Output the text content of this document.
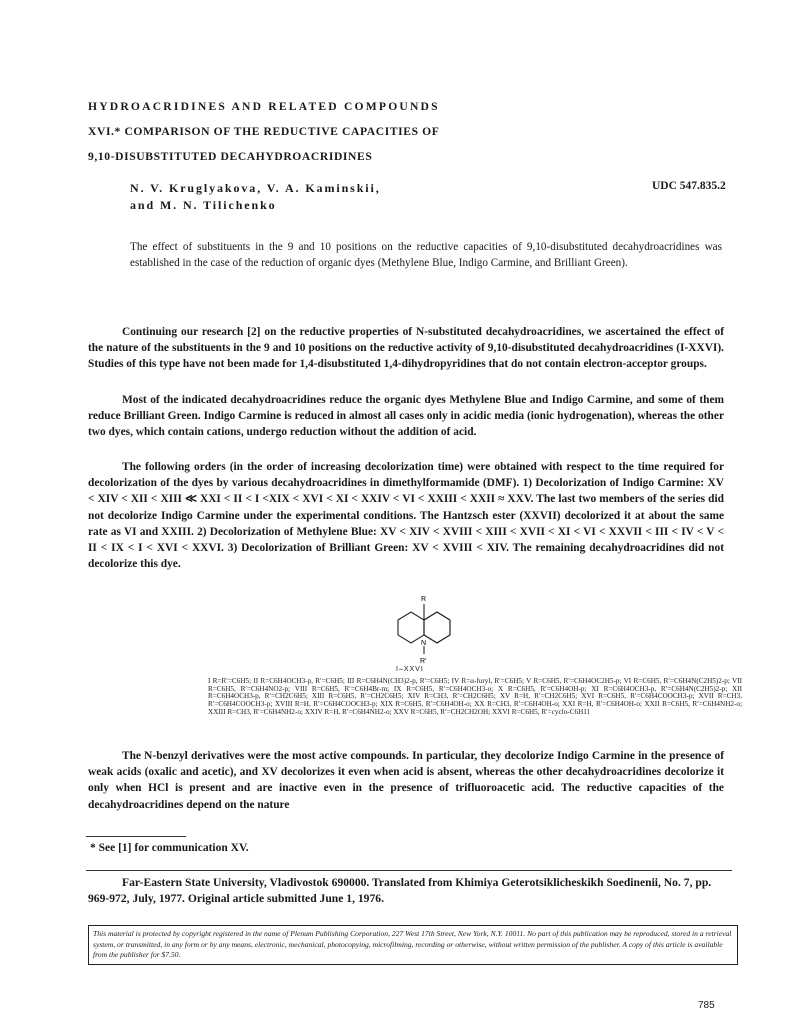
HYDROACRIDINES AND RELATED COMPOUNDS
XVI.* COMPARISON OF THE REDUCTIVE CAPACITIES OF
9,10-DISUBSTITUTED DECAHYDROACRIDINES
N. V. Kruglyakova, V. A. Kaminskii,
and M. N. Tilichenko
UDC 547.835.2
The effect of substituents in the 9 and 10 positions on the reductive capacities of 9,10-disubstituted decahydroacridines was established in the case of the reduction of organic dyes (Methylene Blue, Indigo Carmine, and Brilliant Green).
Continuing our research [2] on the reductive properties of N-substituted decahydroacridines, we ascertained the effect of the nature of the substituents in the 9 and 10 positions on the reductive activity of 9,10-disubstituted decahydroacridines (I-XXVI). Studies of this type have not been made for 1,4-disubstituted 1,4-dihydropyridines that do not contain electron-acceptor groups.
Most of the indicated decahydroacridines reduce the organic dyes Methylene Blue and Indigo Carmine, and some of them reduce Brilliant Green. Indigo Carmine is reduced in almost all cases only in acidic media (ionic hydrogenation), whereas the other two dyes, which contain cations, undergo reduction without the addition of acid.
The following orders (in the order of increasing decolorization time) were obtained with respect to the time required for decolorization of the dyes by various decahydroacridines in dimethylformamide (DMF). 1) Decolorization of Indigo Carmine: XV < XIV < XII < XIII ≪ XXI < II < I <XIX < XVI < XI < XXIV < VI < XXIII < XXII ≈ XXV. The last two members of the series did not decolorize Indigo Carmine under the experimental conditions. The Hantzsch ester (XXVII) decolorized it at about the same rate as VI and XXIII. 2) Decolorization of Methylene Blue: XV < XIV < XVIII < XIII < XVII < XI < VI < XXVII < III < IV < V < II < IX < I < XVI < XXVI. 3) Decolorization of Brilliant Green: XV < XVIII < XIV. The remaining decahydroacridines did not decolorize this dye.
R
N
R′
I–XXVI
I R=R′=C6H5; II R=C6H4OCH3-p, R′=C6H5; III R=C6H4N(CH3)2-p, R′=C6H5; IV R=α-furyl, R′=C6H5; V R=C6H5, R′=C6H4OC2H5-p; VI R=C6H5, R′=C6H4N(C2H5)2-p; VII R=C6H5, R′=C6H4NO2-p; VIII R=C6H5, R′=C6H4Br-m; IX R=C6H5, R′=C6H4OCH3-o; X R=C6H5, R′=C6H4OH-p; XI R=C6H4OCH3-p, R′=C6H4N(C2H5)2-p; XII R=C6H4OCH3-p, R′=CH2C6H5; XIII R=C6H5, R′=CH2C6H5; XIV R=CH3, R′=CH2C6H5; XV R=H, R′=CH2C6H5; XVI R=C6H5, R′=C6H4COOCH3-p; XVII R=CH3, R′=C6H4COOCH3-p; XVIII R=H, R′=C6H4COOCH3-p; XIX R=C6H5, R′=C6H4OH-o; XX R=CH3, R′=C6H4OH-o; XXI R=H, R′=C6H4OH-o; XXII R=C6H5, R′=C6H4NH2-o; XXIII R=CH3, R′=C6H4NH2-o; XXIV R=H, R′=C6H4NH2-o; XXV R=C6H5, R′=CH2CH2OH; XXVI R=C6H5, R′=cyclo-C6H11
The N-benzyl derivatives were the most active compounds. In particular, they decolorize Indigo Carmine in the presence of weak acids (oxalic and acetic), and XV decolorizes it even when acid is absent, whereas the other decahydroacridines decolorize it only when HCl is present and are inactive even in the presence of trifluoroacetic acid. The reductive capacities of the decahydroacridines depend on the nature
* See [1] for communication XV.
Far-Eastern State University, Vladivostok 690000. Translated from Khimiya Geterotsiklicheskikh Soedinenii, No. 7, pp. 969-972, July, 1977. Original article submitted June 1, 1976.
This material is protected by copyright registered in the name of Plenum Publishing Corporation, 227 West 17th Street, New York, N.Y. 10011. No part of this publication may be reproduced, stored in a retrieval system, or transmitted, in any form or by any means, electronic, mechanical, photocopying, microfilming, recording or otherwise, without written permission of the publisher. A copy of this article is available from the publisher for $7.50.
785
